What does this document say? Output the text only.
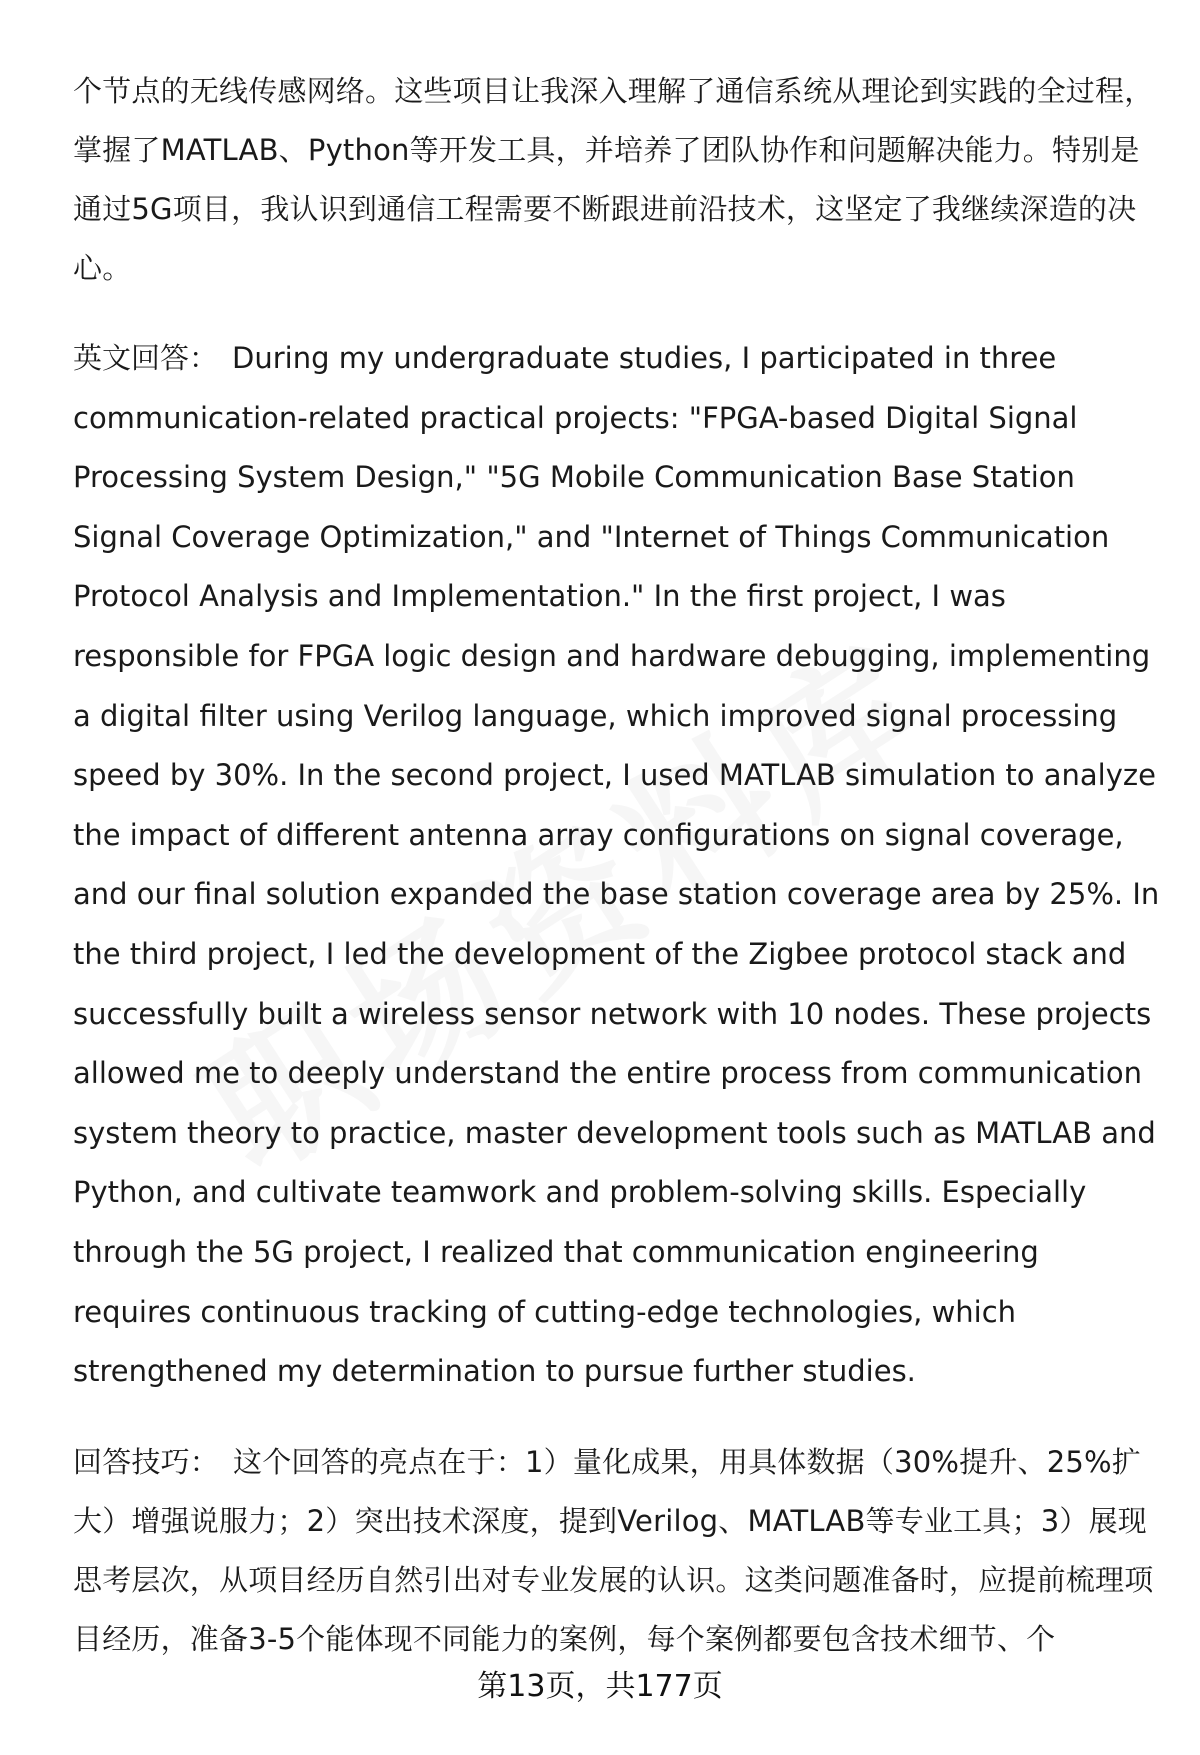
个节点的无线传感网络。这些项目让我深入理解了通信系统从理论到实践的全过程，掌握了MATLAB、Python等开发工具，并培养了团队协作和问题解决能力。特别是通过5G项目，我认识到通信工程需要不断跟进前沿技术，这坚定了我继续深造的决心。

英文回答： During my undergraduate studies, I participated in three communication-related practical projects: "FPGA-based Digital Signal Processing System Design," "5G Mobile Communication Base Station Signal Coverage Optimization," and "Internet of Things Communication Protocol Analysis and Implementation." In the first project, I was responsible for FPGA logic design and hardware debugging, implementing a digital filter using Verilog language, which improved signal processing speed by 30%. In the second project, I used MATLAB simulation to analyze the impact of different antenna array configurations on signal coverage, and our final solution expanded the base station coverage area by 25%. In the third project, I led the development of the Zigbee protocol stack and successfully built a wireless sensor network with 10 nodes. These projects allowed me to deeply understand the entire process from communication system theory to practice, master development tools such as MATLAB and Python, and cultivate teamwork and problem-solving skills. Especially through the 5G project, I realized that communication engineering requires continuous tracking of cutting-edge technologies, which strengthened my determination to pursue further studies.

回答技巧： 这个回答的亮点在于：1）量化成果，用具体数据（30%提升、25%扩大）增强说服力；2）突出技术深度，提到Verilog、MATLAB等专业工具；3）展现思考层次，从项目经历自然引出对专业发展的认识。这类问题准备时，应提前梳理项目经历，准备3-5个能体现不同能力的案例，每个案例都要包含技术细节、个

第13页，共177页
